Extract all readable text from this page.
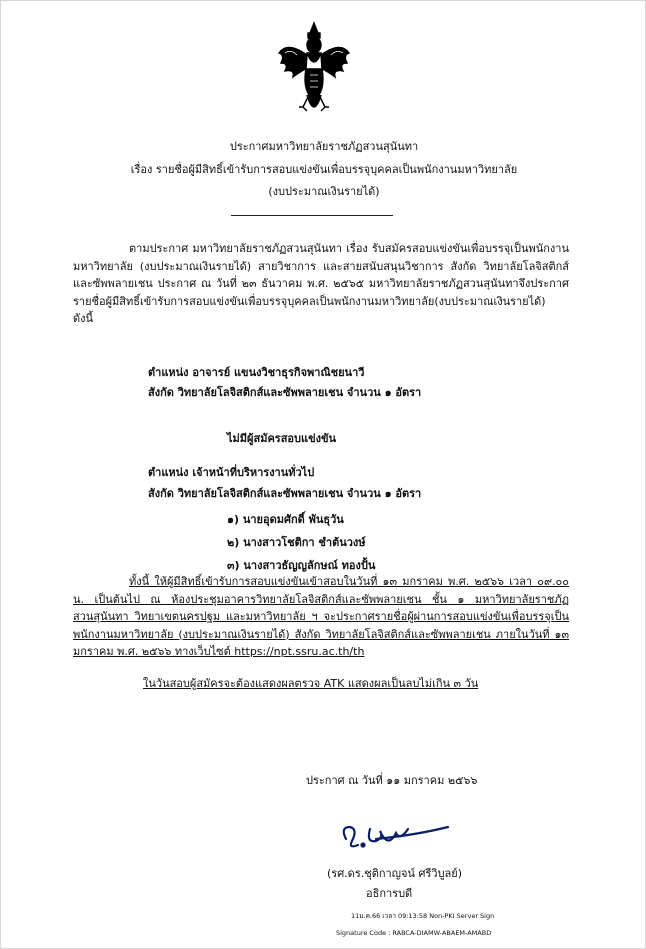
ประกาศมหาวิทยาลัยราชภัฏสวนสุนันทา
เรื่อง รายชื่อผู้มีสิทธิ์เข้ารับการสอบแข่งขันเพื่อบรรจุบุคคลเป็นพนักงานมหาวิทยาลัย
(งบประมาณเงินรายได้)
ตามประกาศ มหาวิทยาลัยราชภัฏสวนสุนันทา เรื่อง รับสมัครสอบแข่งขันเพื่อบรรจุเป็นพนักงานมหาวิทยาลัย (งบประมาณเงินรายได้) สายวิชาการ และสายสนับสนุนวิชาการ สังกัด วิทยาลัยโลจิสติกส์และซัพพลายเชน ประกาศ ณ วันที่ ๒๓ ธันวาคม พ.ศ. ๒๕๖๕ มหาวิทยาลัยราชภัฏสวนสุนันทาจึงประกาศรายชื่อผู้มีสิทธิ์เข้ารับการสอบแข่งขันเพื่อบรรจุบุคคลเป็นพนักงานมหาวิทยาลัย(งบประมาณเงินรายได้) ดังนี้
ตำแหน่ง อาจารย์ แขนงวิชาธุรกิจพาณิชยนาวี
สังกัด วิทยาลัยโลจิสติกส์และซัพพลายเชน จำนวน ๑ อัตรา
ไม่มีผู้สมัครสอบแข่งขัน
ตำแหน่ง เจ้าหน้าที่บริหารงานทั่วไป
สังกัด วิทยาลัยโลจิสติกส์และซัพพลายเชน จำนวน ๑ อัตรา
๑) นายอุดมศักดิ์ พันธุวัน
๒) นางสาวโชติกา ชำต้นวงษ์
๓) นางสาวธัญญลักษณ์ ทองปั้น
ทั้งนี้ ให้ผู้มีสิทธิ์เข้ารับการสอบแข่งขันเข้าสอบในวันที่ ๑๓ มกราคม พ.ศ. ๒๕๖๖ เวลา ๐๙.๐๐ น. เป็นต้นไป ณ ห้องประชุมอาคารวิทยาลัยโลจิสติกส์และซัพพลายเชน ชั้น ๑ มหาวิทยาลัยราชภัฏสวนสุนันทา วิทยาเขตนครปฐม และมหาวิทยาลัย ฯ จะประกาศรายชื่อผู้ผ่านการสอบแข่งขันเพื่อบรรจุเป็นพนักงานมหาวิทยาลัย (งบประมาณเงินรายได้) สังกัด วิทยาลัยโลจิสติกส์และซัพพลายเชน ภายในวันที่ ๑๓ มกราคม พ.ศ. ๒๕๖๖ ทางเว็บไซต์ https://npt.ssru.ac.th/th
ในวันสอบผู้สมัครจะต้องแสดงผลตรวจ ATK แสดงผลเป็นลบไม่เกิน ๓ วัน
ประกาศ ณ วันที่ ๑๑ มกราคม ๒๕๖๖
(รศ.ดร.ชุติกาญจน์ ศรีวิบูลย์)
อธิการบดี
11ม.ค.66 เวลา 09:13:58 Non-PKI Server Sign
Signature Code : RABCA-DIAMW-ABAEM-AMABD
